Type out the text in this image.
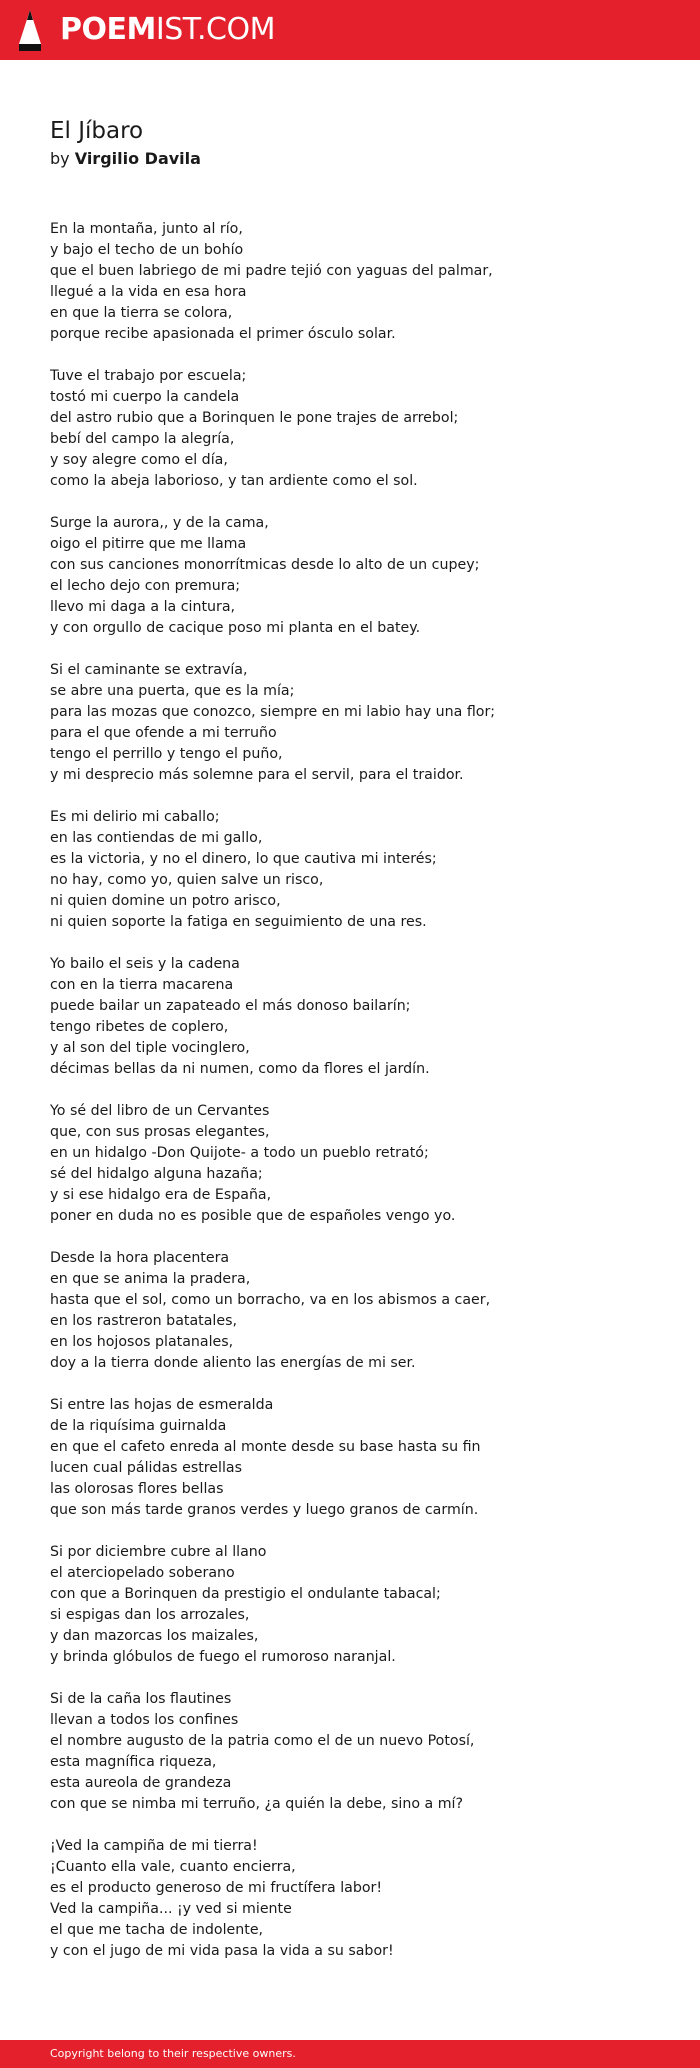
POEMIST.COM
El Jíbaro
by Virgilio Davila
En la montaña, junto al río,
y bajo el techo de un bohío
que el buen labriego de mi padre tejió con yaguas del palmar,
llegué a la vida en esa hora
en que la tierra se colora,
porque recibe apasionada el primer ósculo solar.
Tuve el trabajo por escuela;
tostó mi cuerpo la candela
del astro rubio que a Borinquen le pone trajes de arrebol;
bebí del campo la alegría,
y soy alegre como el día,
como la abeja laborioso, y tan ardiente como el sol.
Surge la aurora,, y de la cama,
oigo el pitirre que me llama
con sus canciones monorrítmicas desde lo alto de un cupey;
el lecho dejo con premura;
llevo mi daga a la cintura,
y con orgullo de cacique poso mi planta en el batey.
Si el caminante se extravía,
se abre una puerta, que es la mía;
para las mozas que conozco, siempre en mi labio hay una flor;
para el que ofende a mi terruño
tengo el perrillo y tengo el puño,
y mi desprecio más solemne para el servil, para el traidor.
Es mi delirio mi caballo;
en las contiendas de mi gallo,
es la victoria, y no el dinero, lo que cautiva mi interés;
no hay, como yo, quien salve un risco,
ni quien domine un potro arisco,
ni quien soporte la fatiga en seguimiento de una res.
Yo bailo el seis y la cadena
con en la tierra macarena
puede bailar un zapateado el más donoso bailarín;
tengo ribetes de coplero,
y al son del tiple vocinglero,
décimas bellas da ni numen, como da flores el jardín.
Yo sé del libro de un Cervantes
que, con sus prosas elegantes,
en un hidalgo -Don Quijote- a todo un pueblo retrató;
sé del hidalgo alguna hazaña;
y si ese hidalgo era de España,
poner en duda no es posible que de españoles vengo yo.
Desde la hora placentera
en que se anima la pradera,
hasta que el sol, como un borracho, va en los abismos a caer,
en los rastreron batatales,
en los hojosos platanales,
doy a la tierra donde aliento las energías de mi ser.
Si entre las hojas de esmeralda
de la riquísima guirnalda
en que el cafeto enreda al monte desde su base hasta su fin
lucen cual pálidas estrellas
las olorosas flores bellas
que son más tarde granos verdes y luego granos de carmín.
Si por diciembre cubre al llano
el aterciopelado soberano
con que a Borinquen da prestigio el ondulante tabacal;
si espigas dan los arrozales,
y dan mazorcas los maizales,
y brinda glóbulos de fuego el rumoroso naranjal.
Si de la caña los flautines
llevan a todos los confines
el nombre augusto de la patria como el de un nuevo Potosí,
esta magnífica riqueza,
esta aureola de grandeza
con que se nimba mi terruño, ¿a quién la debe, sino a mí?
¡Ved la campiña de mi tierra!
¡Cuanto ella vale, cuanto encierra,
es el producto generoso de mi fructífera labor!
Ved la campiña... ¡y ved si miente
el que me tacha de indolente,
y con el jugo de mi vida pasa la vida a su sabor!
Copyright belong to their respective owners.
